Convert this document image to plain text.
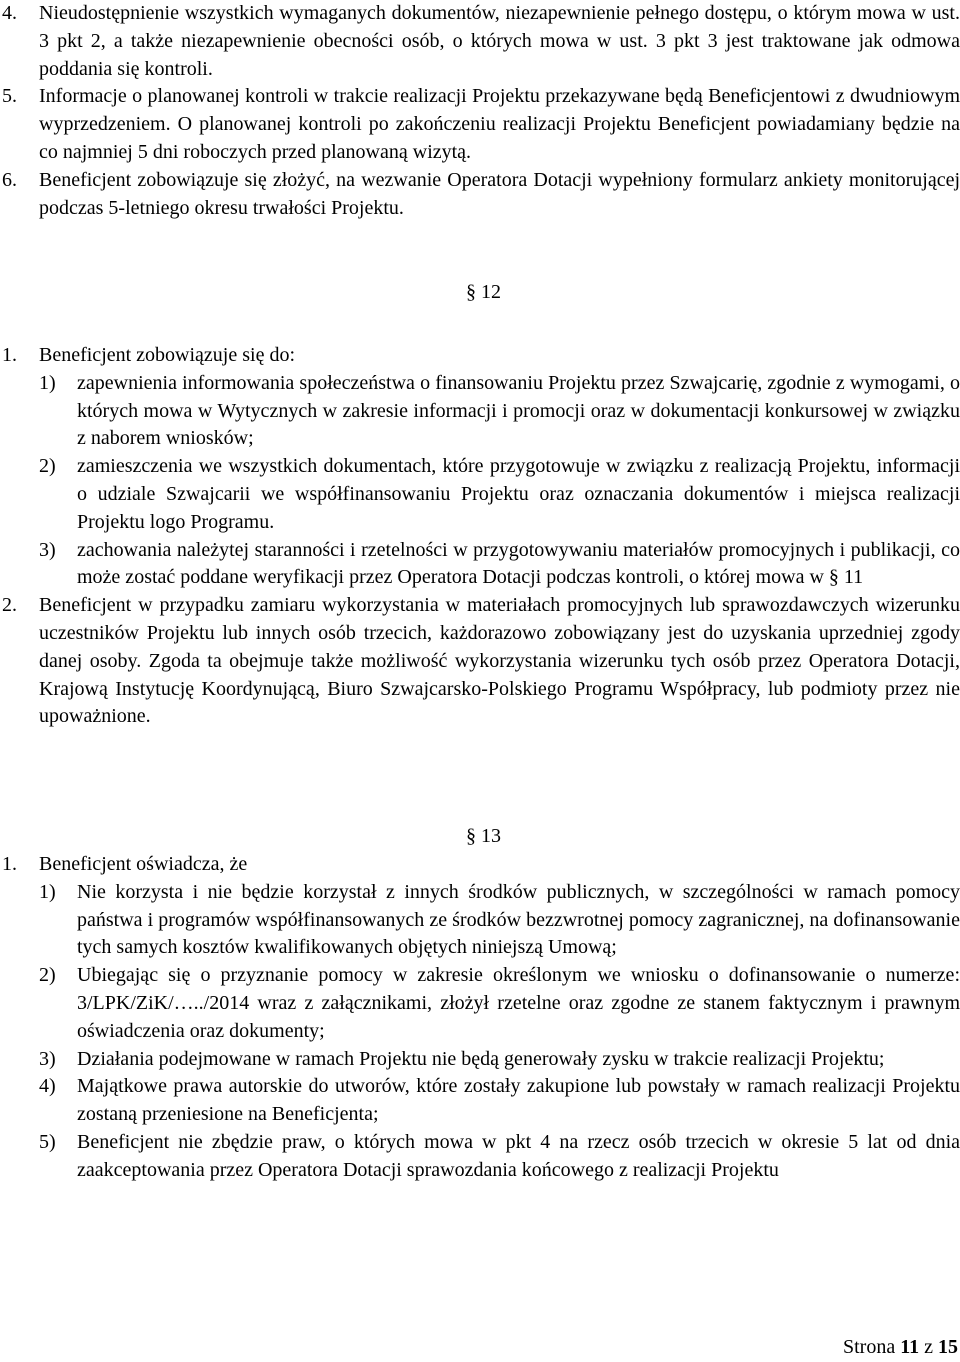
4. Nieudostępnienie wszystkich wymaganych dokumentów, niezapewnienie pełnego dostępu, o którym mowa w ust. 3 pkt 2, a także niezapewnienie obecności osób, o których mowa w ust. 3 pkt 3 jest traktowane jak odmowa poddania się kontroli.
5. Informacje o planowanej kontroli w trakcie realizacji Projektu przekazywane będą Beneficjentowi z dwudniowym wyprzedzeniem. O planowanej kontroli po zakończeniu realizacji Projektu Beneficjent powiadamiany będzie na co najmniej 5 dni roboczych przed planowaną wizytą.
6. Beneficjent zobowiązuje się złożyć, na wezwanie Operatora Dotacji wypełniony formularz ankiety monitorującej podczas 5-letniego okresu trwałości Projektu.
§ 12
1. Beneficjent zobowiązuje się do:
1) zapewnienia informowania społeczeństwa o finansowaniu Projektu przez Szwajcarię, zgodnie z wymogami, o których mowa w Wytycznych w zakresie informacji i promocji oraz w dokumentacji konkursowej w związku z naborem wniosków;
2) zamieszczenia we wszystkich dokumentach, które przygotowuje w związku z realizacją Projektu, informacji o udziale Szwajcarii we współfinansowaniu Projektu oraz oznaczania dokumentów i miejsca realizacji Projektu logo Programu.
3) zachowania należytej staranności i rzetelności w przygotowywaniu materiałów promocyjnych i publikacji, co może zostać poddane weryfikacji przez Operatora Dotacji podczas kontroli, o której mowa w § 11
2. Beneficjent w przypadku zamiaru wykorzystania w materiałach promocyjnych lub sprawozdawczych wizerunku uczestników Projektu lub innych osób trzecich, każdorazowo zobowiązany jest do uzyskania uprzedniej zgody danej osoby. Zgoda ta obejmuje także możliwość wykorzystania wizerunku tych osób przez Operatora Dotacji, Krajową Instytucję Koordynującą, Biuro Szwajcarsko-Polskiego Programu Współpracy, lub podmioty przez nie upoważnione.
§ 13
1. Beneficjent oświadcza, że
1) Nie korzysta i nie będzie korzystał z innych środków publicznych, w szczególności w ramach pomocy państwa i programów współfinansowanych ze środków bezzwrotnej pomocy zagranicznej, na dofinansowanie tych samych kosztów kwalifikowanych objętych niniejszą Umową;
2) Ubiegając się o przyznanie pomocy w zakresie określonym we wniosku o dofinansowanie o numerze: 3/LPK/ZiK/…../2014 wraz z załącznikami, złożył rzetelne oraz zgodne ze stanem faktycznym i prawnym oświadczenia oraz dokumenty;
3) Działania podejmowane w ramach Projektu nie będą generowały zysku w trakcie realizacji Projektu;
4) Majątkowe prawa autorskie do utworów, które zostały zakupione lub powstały w ramach realizacji Projektu zostaną przeniesione na Beneficjenta;
5) Beneficjent nie zbędzie praw, o których mowa w pkt 4 na rzecz osób trzecich w okresie 5 lat od dnia zaakceptowania przez Operatora Dotacji sprawozdania końcowego z realizacji Projektu
Strona 11 z 15
